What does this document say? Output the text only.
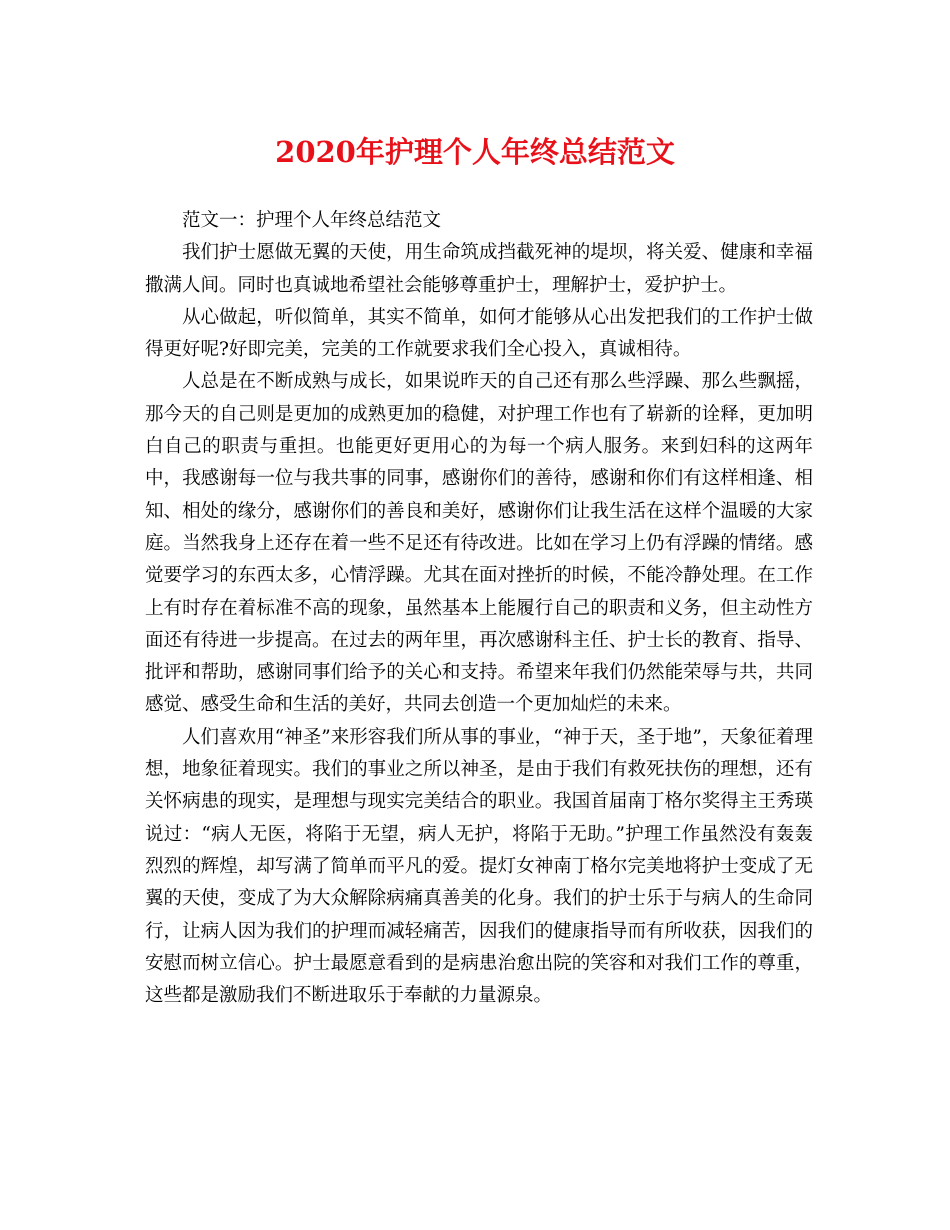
2020年护理个人年终总结范文

范文一：护理个人年终总结范文

我们护士愿做无翼的天使，用生命筑成挡截死神的堤坝，将关爱、健康和幸福撒满人间。同时也真诚地希望社会能够尊重护士，理解护士，爱护护士。

从心做起，听似简单，其实不简单，如何才能够从心出发把我们的工作护士做得更好呢?好即完美，完美的工作就要求我们全心投入，真诚相待。

人总是在不断成熟与成长，如果说昨天的自己还有那么些浮躁、那么些飘摇，那今天的自己则是更加的成熟更加的稳健，对护理工作也有了崭新的诠释，更加明白自己的职责与重担。也能更好更用心的为每一个病人服务。来到妇科的这两年中，我感谢每一位与我共事的同事，感谢你们的善待，感谢和你们有这样相逢、相知、相处的缘分，感谢你们的善良和美好，感谢你们让我生活在这样个温暖的大家庭。当然我身上还存在着一些不足还有待改进。比如在学习上仍有浮躁的情绪。感觉要学习的东西太多，心情浮躁。尤其在面对挫折的时候，不能冷静处理。在工作上有时存在着标准不高的现象，虽然基本上能履行自己的职责和义务，但主动性方面还有待进一步提高。在过去的两年里，再次感谢科主任、护士长的教育、指导、批评和帮助，感谢同事们给予的关心和支持。希望来年我们仍然能荣辱与共，共同感觉、感受生命和生活的美好，共同去创造一个更加灿烂的未来。

人们喜欢用“神圣”来形容我们所从事的事业，“神于天，圣于地”，天象征着理想，地象征着现实。我们的事业之所以神圣，是由于我们有救死扶伤的理想，还有关怀病患的现实，是理想与现实完美结合的职业。我国首届南丁格尔奖得主王秀瑛说过：“病人无医，将陷于无望，病人无护，将陷于无助。”护理工作虽然没有轰轰烈烈的辉煌，却写满了简单而平凡的爱。提灯女神南丁格尔完美地将护士变成了无翼的天使，变成了为大众解除病痛真善美的化身。我们的护士乐于与病人的生命同行，让病人因为我们的护理而减轻痛苦，因我们的健康指导而有所收获，因我们的安慰而树立信心。护士最愿意看到的是病患治愈出院的笑容和对我们工作的尊重，这些都是激励我们不断进取乐于奉献的力量源泉。
